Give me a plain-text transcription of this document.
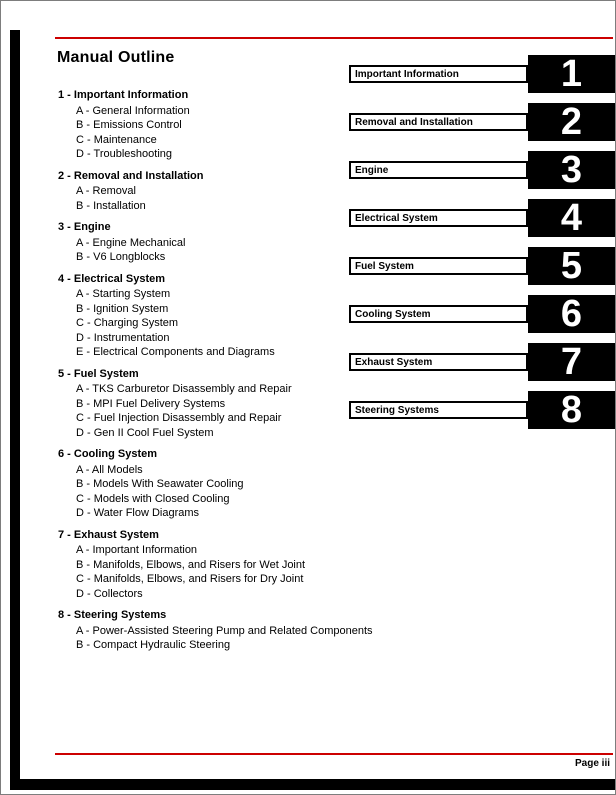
Manual Outline
1 - Important Information
A - General Information
B - Emissions Control
C - Maintenance
D - Troubleshooting
2 - Removal and Installation
A - Removal
B - Installation
3 - Engine
A - Engine Mechanical
B - V6 Longblocks
4 - Electrical System
A - Starting System
B - Ignition System
C - Charging System
D - Instrumentation
E - Electrical Components and Diagrams
5 - Fuel System
A - TKS Carburetor Disassembly and Repair
B - MPI Fuel Delivery Systems
C - Fuel Injection Disassembly and Repair
D - Gen II Cool Fuel System
6 - Cooling System
A - All Models
B - Models With Seawater Cooling
C - Models with Closed Cooling
D - Water Flow Diagrams
7 - Exhaust System
A - Important Information
B - Manifolds, Elbows, and Risers for Wet Joint
C - Manifolds, Elbows, and Risers for Dry Joint
D - Collectors
8 - Steering Systems
A - Power-Assisted Steering Pump and Related Components
B - Compact Hydraulic Steering
Important Information	1
Removal and Installation	2
Engine	3
Electrical System	4
Fuel System	5
Cooling System	6
Exhaust System	7
Steering Systems	8
Page iii
